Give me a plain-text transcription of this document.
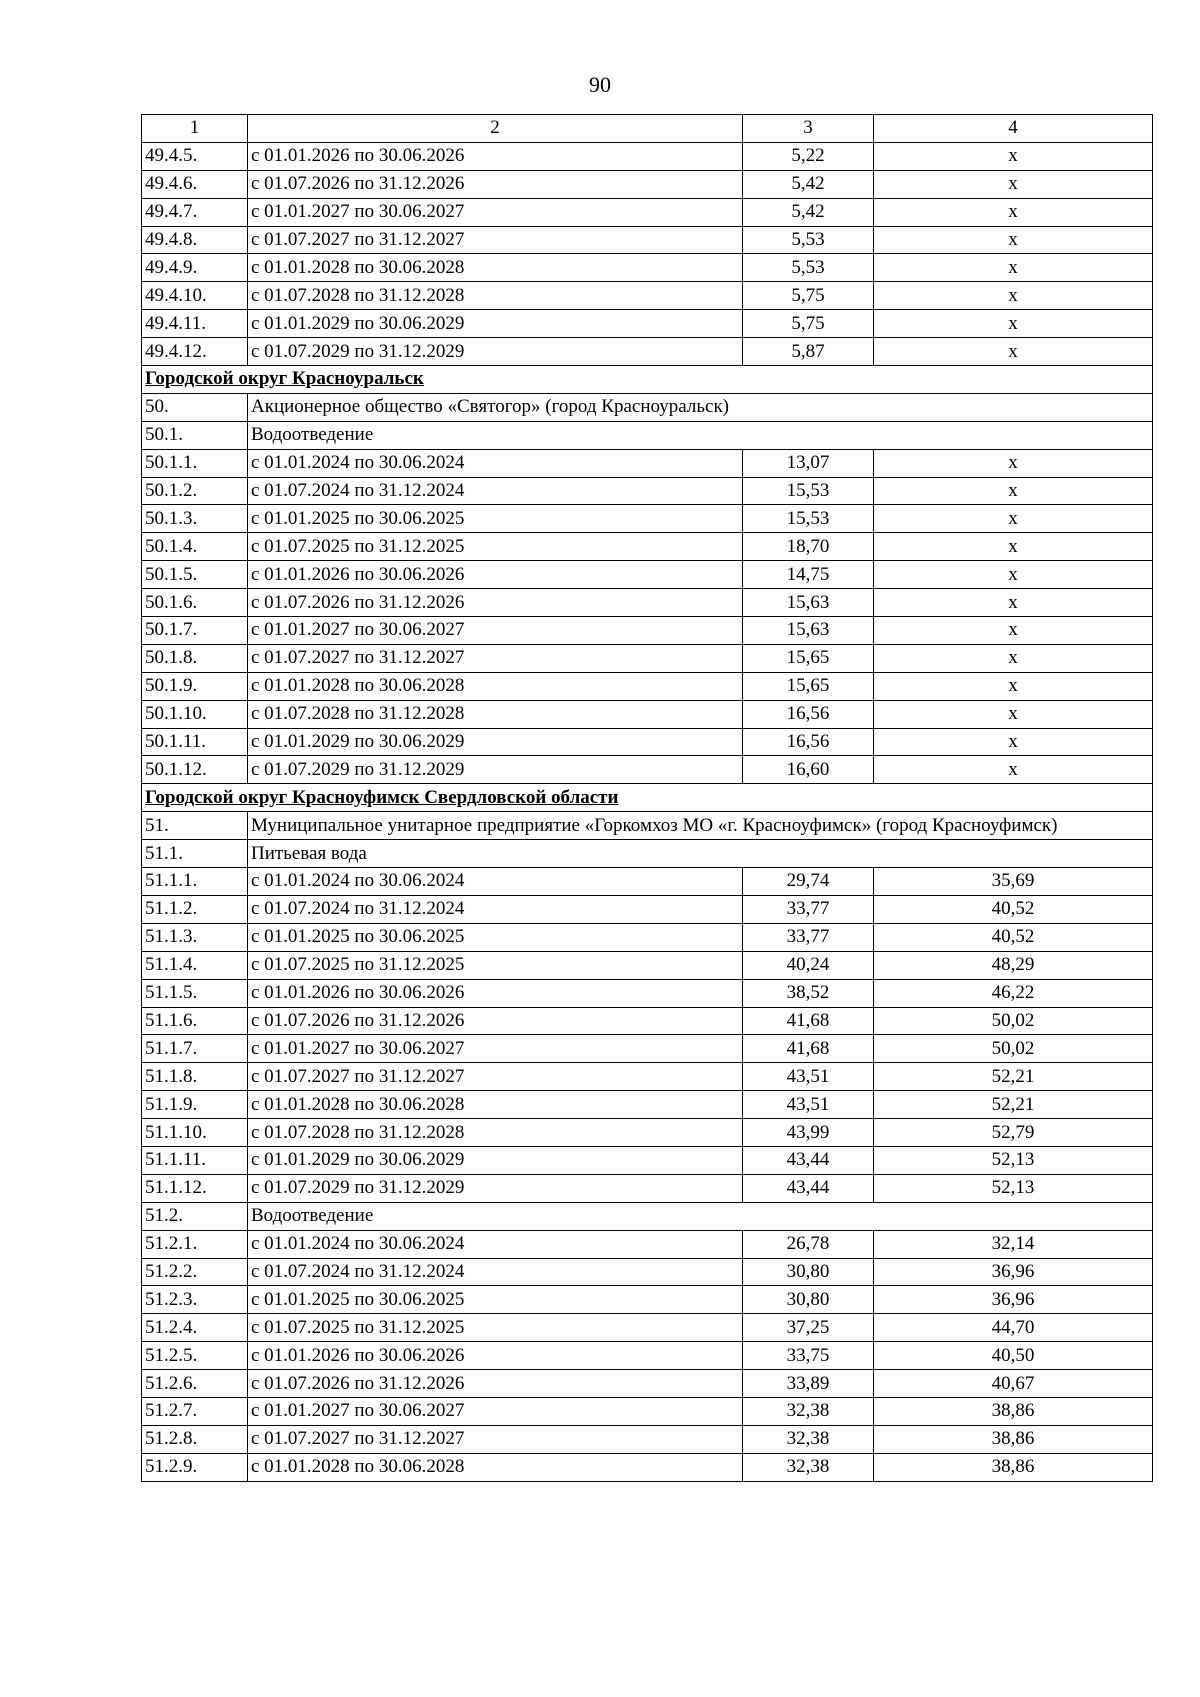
90
1	2	3	4
49.4.5.	с 01.01.2026 по 30.06.2026	5,22	х
49.4.6.	с 01.07.2026 по 31.12.2026	5,42	х
49.4.7.	с 01.01.2027 по 30.06.2027	5,42	х
49.4.8.	с 01.07.2027 по 31.12.2027	5,53	х
49.4.9.	с 01.01.2028 по 30.06.2028	5,53	х
49.4.10.	с 01.07.2028 по 31.12.2028	5,75	х
49.4.11.	с 01.01.2029 по 30.06.2029	5,75	х
49.4.12.	с 01.07.2029 по 31.12.2029	5,87	х
Городской округ Красноуральск			
50.	Акционерное общество «Святогор» (город Красноуральск)		
50.1.	Водоотведение		
50.1.1.	с 01.01.2024 по 30.06.2024	13,07	х
50.1.2.	с 01.07.2024 по 31.12.2024	15,53	х
50.1.3.	с 01.01.2025 по 30.06.2025	15,53	х
50.1.4.	с 01.07.2025 по 31.12.2025	18,70	х
50.1.5.	с 01.01.2026 по 30.06.2026	14,75	х
50.1.6.	с 01.07.2026 по 31.12.2026	15,63	х
50.1.7.	с 01.01.2027 по 30.06.2027	15,63	х
50.1.8.	с 01.07.2027 по 31.12.2027	15,65	х
50.1.9.	с 01.01.2028 по 30.06.2028	15,65	х
50.1.10.	с 01.07.2028 по 31.12.2028	16,56	х
50.1.11.	с 01.01.2029 по 30.06.2029	16,56	х
50.1.12.	с 01.07.2029 по 31.12.2029	16,60	х
Городской округ Красноуфимск Свердловской области			
51.	Муниципальное унитарное предприятие «Горкомхоз МО «г. Красноуфимск» (город Красноуфимск)		
51.1.	Питьевая вода		
51.1.1.	с 01.01.2024 по 30.06.2024	29,74	35,69
51.1.2.	с 01.07.2024 по 31.12.2024	33,77	40,52
51.1.3.	с 01.01.2025 по 30.06.2025	33,77	40,52
51.1.4.	с 01.07.2025 по 31.12.2025	40,24	48,29
51.1.5.	с 01.01.2026 по 30.06.2026	38,52	46,22
51.1.6.	с 01.07.2026 по 31.12.2026	41,68	50,02
51.1.7.	с 01.01.2027 по 30.06.2027	41,68	50,02
51.1.8.	с 01.07.2027 по 31.12.2027	43,51	52,21
51.1.9.	с 01.01.2028 по 30.06.2028	43,51	52,21
51.1.10.	с 01.07.2028 по 31.12.2028	43,99	52,79
51.1.11.	с 01.01.2029 по 30.06.2029	43,44	52,13
51.1.12.	с 01.07.2029 по 31.12.2029	43,44	52,13
51.2.	Водоотведение		
51.2.1.	с 01.01.2024 по 30.06.2024	26,78	32,14
51.2.2.	с 01.07.2024 по 31.12.2024	30,80	36,96
51.2.3.	с 01.01.2025 по 30.06.2025	30,80	36,96
51.2.4.	с 01.07.2025 по 31.12.2025	37,25	44,70
51.2.5.	с 01.01.2026 по 30.06.2026	33,75	40,50
51.2.6.	с 01.07.2026 по 31.12.2026	33,89	40,67
51.2.7.	с 01.01.2027 по 30.06.2027	32,38	38,86
51.2.8.	с 01.07.2027 по 31.12.2027	32,38	38,86
51.2.9.	с 01.01.2028 по 30.06.2028	32,38	38,86
